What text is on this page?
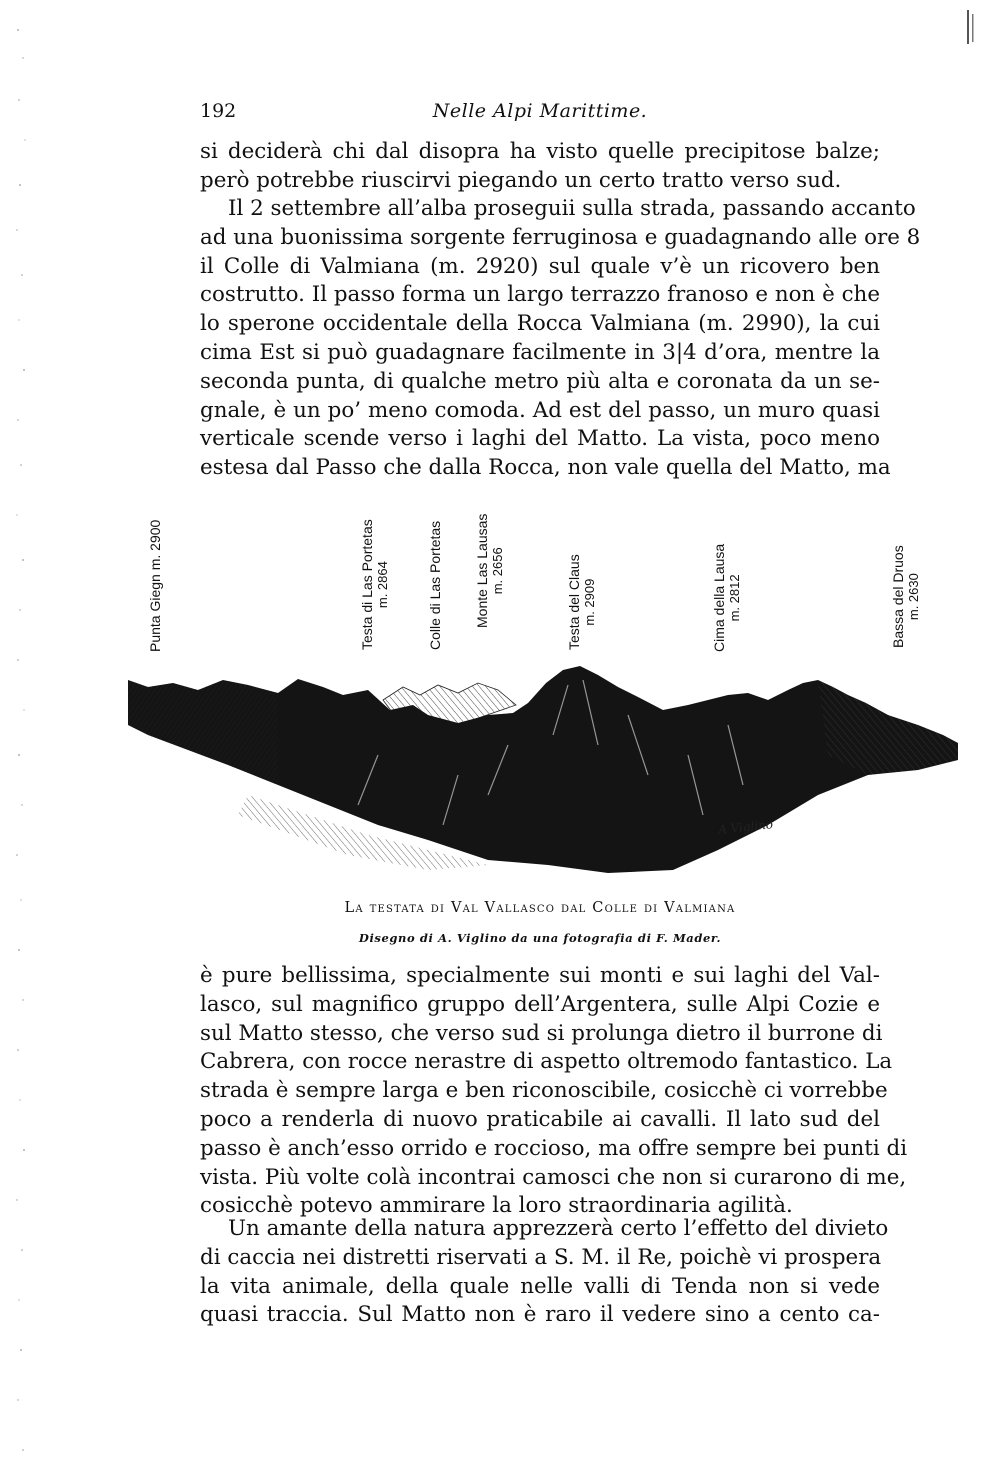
192	Nelle Alpi Marittime.
si deciderà chi dal disopra ha visto quelle precipitose balze;
però potrebbe riuscirvi piegando un certo tratto verso sud.
Il 2 settembre all’alba proseguii sulla strada, passando accanto
ad una buonissima sorgente ferruginosa e guadagnando alle ore 8
il Colle di Valmiana (m. 2920) sul quale v’è un ricovero ben
costrutto. Il passo forma un largo terrazzo franoso e non è che
lo sperone occidentale della Rocca Valmiana (m. 2990), la cui
cima Est si può guadagnare facilmente in 3|4 d’ora, mentre la
seconda punta, di qualche metro più alta e coronata da un se-
gnale, è un po’ meno comoda. Ad est del passo, un muro quasi
verticale scende verso i laghi del Matto. La vista, poco meno
estesa dal Passo che dalla Rocca, non vale quella del Matto, ma
Punta Giegn m. 2900	Testa di Las Portetas m. 2864	Colle di Las Portetas Monte Las Lausas m. 2656	Testa del Claus m. 2909	Cima della Lausa m. 2812	Bassa del Druos m. 2630
A Viglino
La testata di Val Vallasco dal Colle di Valmiana
Disegno di A. Viglino da una fotografia di F. Mader.
è pure bellissima, specialmente sui monti e sui laghi del Val-
lasco, sul magnifico gruppo dell’Argentera, sulle Alpi Cozie e
sul Matto stesso, che verso sud si prolunga dietro il burrone di
Cabrera, con rocce nerastre di aspetto oltremodo fantastico. La
strada è sempre larga e ben riconoscibile, cosicchè ci vorrebbe
poco a renderla di nuovo praticabile ai cavalli. Il lato sud del
passo è anch’esso orrido e roccioso, ma offre sempre bei punti di
vista. Più volte colà incontrai camosci che non si curarono di me,
cosicchè potevo ammirare la loro straordinaria agilità.
Un amante della natura apprezzerà certo l’effetto del divieto
di caccia nei distretti riservati a S. M. il Re, poichè vi prospera
la vita animale, della quale nelle valli di Tenda non si vede
quasi traccia. Sul Matto non è raro il vedere sino a cento ca-
